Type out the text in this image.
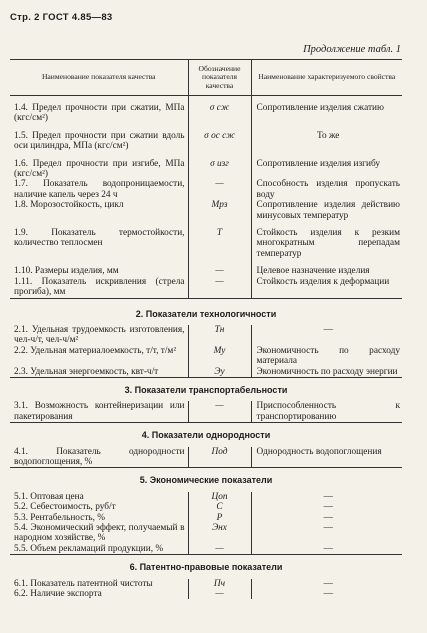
Стр. 2 ГОСТ 4.85—83
Продолжение табл. 1
Наименование показателя качества	Обозначение показателя качества	Наименование характеризуемого свойства

1.4. Предел прочности при сжатии, МПа (кгс/см²)	σ сж	Сопротивление изделия сжатию

1.5. Предел прочности при сжатии вдоль оси цилиндра, МПа (кгс/см²)	σ ос сж	То же

1.6. Предел прочности при изгибе, МПа (кгс/см²)	σ изг	Сопротивление изделия изгибу
1.7. Показатель водопроницаемости, наличие капель через 24 ч	—	Способность изделия пропускать воду
1.8. Морозостойкость, цикл	Мрз	Сопротивление изделия действию минусовых температур

1.9. Показатель термостойкости, количество теплосмен	Т	Стойкость изделия к резким многократным перепадам температур

1.10. Размеры изделия, мм	—	Целевое назначение изделия
1.11. Показатель искривления (стрела прогиба), мм	—	Стойкость изделия к деформации
2. Показатели технологичности		
2.1. Удельная трудоемкость изготовления, чел-ч/т, чел-ч/м²	Тн	—
2.2. Удельная материалоемкость, т/т, т/м²	Му	Экономичность по расходу материала
2.3. Удельная энергоемкость, квт-ч/т	Эу	Экономичность по расходу энергии
3. Показатели транспортабельности		
3.1. Возможность контейнеризации или пакетирования	—	Приспособленность к транспортированию
4. Показатели однородности		
4.1. Показатель однородности водопоглощения, %	Под	Однородность водопоглощения
5. Экономические показатели		
5.1. Оптовая цена	Цоп	—
5.2. Себестоимость, руб/т	С	—
5.3. Рентабельность, %	Р	—
5.4. Экономический эффект, получаемый в народном хозяйстве, %	Энх	—
5.5. Объем рекламаций продукции, %	—	—
6. Патентно-правовые показатели		
6.1. Показатель патентной чистоты	Пч	—
6.2. Наличие экспорта	—	—
